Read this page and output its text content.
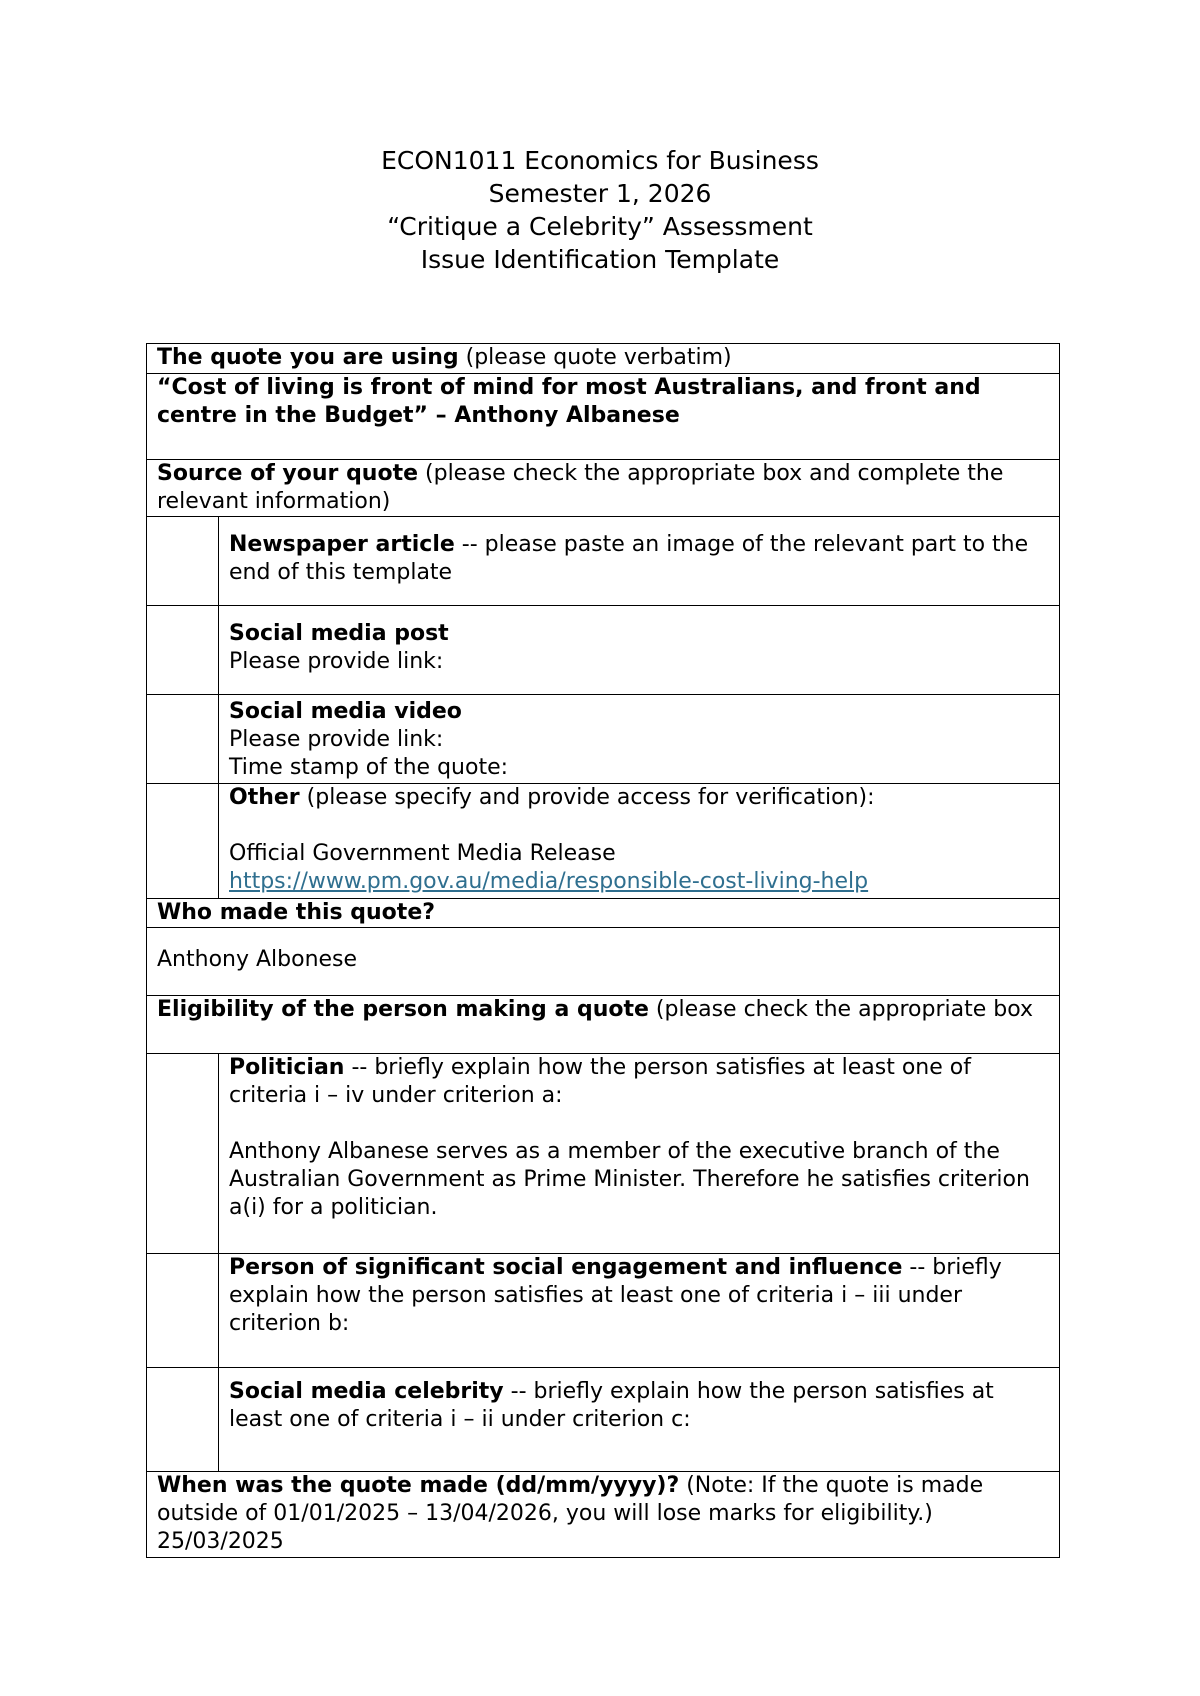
ECON1011 Economics for Business
Semester 1, 2026
“Critique a Celebrity” Assessment
Issue Identification Template
The quote you are using (please quote verbatim)	
“Cost of living is front of mind for most Australians, and front and centre in the Budget” – Anthony Albanese	
Source of your quote (please check the appropriate box and complete the relevant information)	
	Newspaper article -- please paste an image of the relevant part to the end of this template

	Social media post
Please provide link:

	Social media video
Please provide link:
Time stamp of the quote:

	Other (please specify and provide access for verification):
Official Government Media Release
https://www.pm.gov.au/media/responsible-cost-living-help

Who made this quote?	
Anthony Albonese	
Eligibility of the person making a quote (please check the appropriate box	

	Politician -- briefly explain how the person satisfies at least one of criteria i – iv under criterion a:
Anthony Albanese serves as a member of the executive branch of the Australian Government as Prime Minister. Therefore he satisfies criterion a(i) for a politician.

	Person of significant social engagement and influence -- briefly explain how the person satisfies at least one of criteria i – iii under criterion b:
	Social media celebrity -- briefly explain how the person satisfies at least one of criteria i – ii under criterion c:
When was the quote made (dd/mm/yyyy)? (Note: If the quote is made outside of 01/01/2025 – 13/04/2026, you will lose marks for eligibility.) 25/03/2025	
